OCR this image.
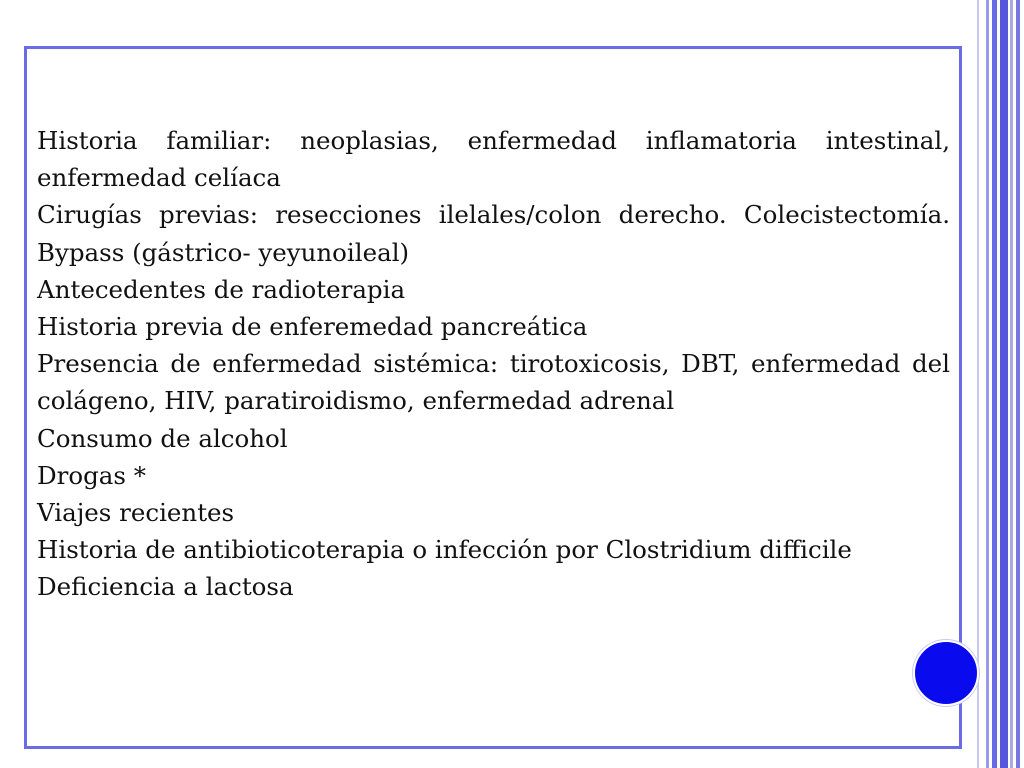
Historia familiar: neoplasias, enfermedad inflamatoria intestinal, enfermedad celíaca
Cirugías previas: resecciones ilelales/colon derecho. Colecistectomía. Bypass (gástrico- yeyunoileal)
Antecedentes de radioterapia
Historia previa de enferemedad pancreática
Presencia de enfermedad sistémica: tirotoxicosis, DBT, enfermedad del colágeno, HIV, paratiroidismo, enfermedad adrenal
Consumo de alcohol
Drogas *
Viajes recientes
Historia de antibioticoterapia o infección por Clostridium difficile
Deficiencia a lactosa
